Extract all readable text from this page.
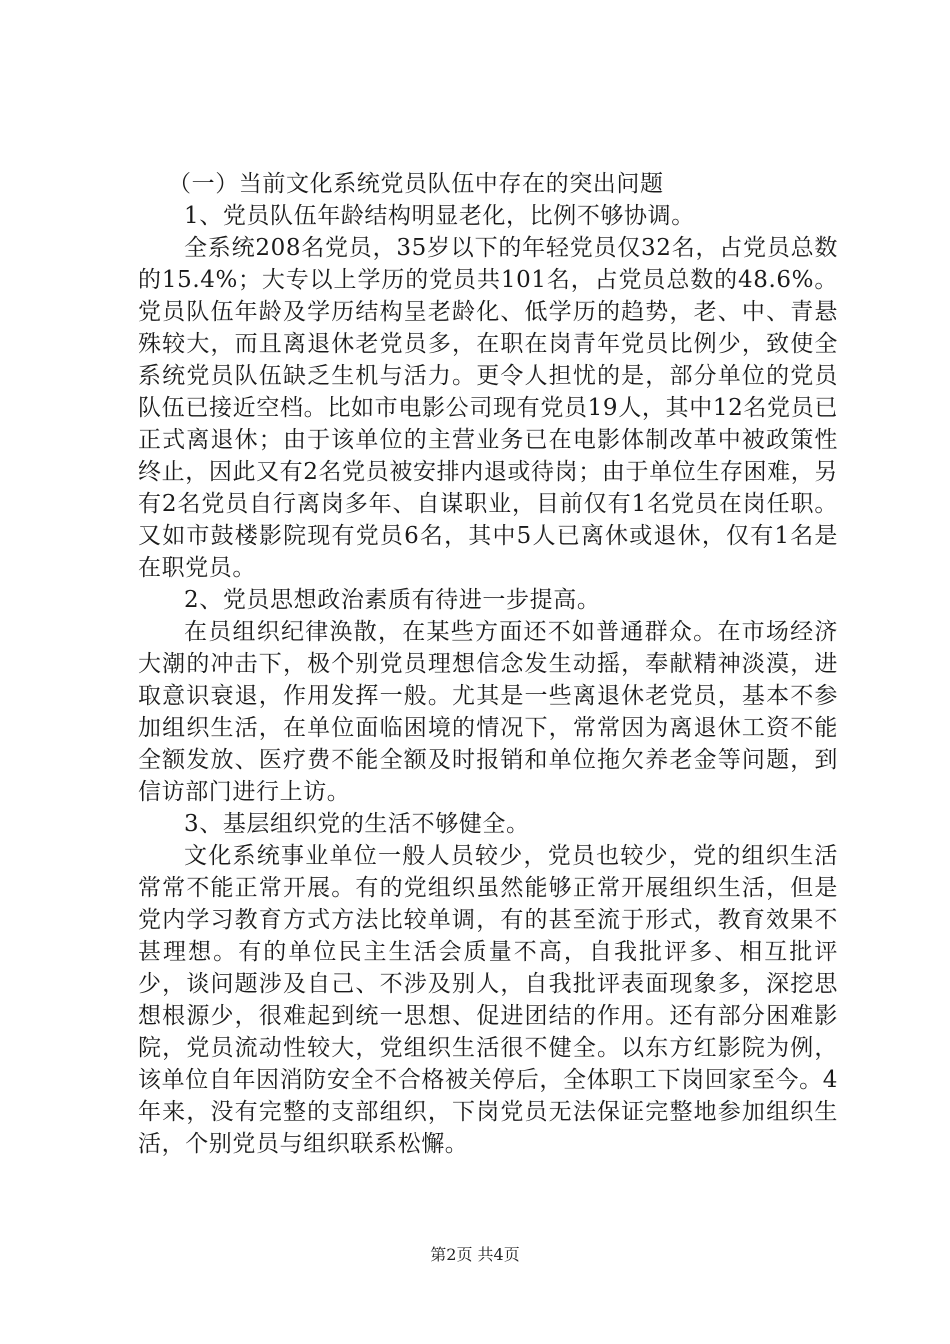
（一）当前文化系统党员队伍中存在的突出问题

1、党员队伍年龄结构明显老化，比例不够协调。

全系统208名党员，35岁以下的年轻党员仅32名，占党员总数的15.4%；大专以上学历的党员共101名，占党员总数的48.6%。党员队伍年龄及学历结构呈老龄化、低学历的趋势，老、中、青悬殊较大，而且离退休老党员多，在职在岗青年党员比例少，致使全系统党员队伍缺乏生机与活力。更令人担忧的是，部分单位的党员队伍已接近空档。比如市电影公司现有党员19人，其中12名党员已正式离退休；由于该单位的主营业务已在电影体制改革中被政策性终止，因此又有2名党员被安排内退或待岗；由于单位生存困难，另有2名党员自行离岗多年、自谋职业，目前仅有1名党员在岗任职。又如市鼓楼影院现有党员6名，其中5人已离休或退休，仅有1名是在职党员。

2、党员思想政治素质有待进一步提高。

在员组织纪律涣散，在某些方面还不如普通群众。在市场经济大潮的冲击下，极个别党员理想信念发生动摇，奉献精神淡漠，进取意识衰退，作用发挥一般。尤其是一些离退休老党员，基本不参加组织生活，在单位面临困境的情况下，常常因为离退休工资不能全额发放、医疗费不能全额及时报销和单位拖欠养老金等问题，到信访部门进行上访。

3、基层组织党的生活不够健全。

文化系统事业单位一般人员较少，党员也较少，党的组织生活常常不能正常开展。有的党组织虽然能够正常开展组织生活，但是党内学习教育方式方法比较单调，有的甚至流于形式，教育效果不甚理想。有的单位民主生活会质量不高，自我批评多、相互批评少，谈问题涉及自己、不涉及别人，自我批评表面现象多，深挖思想根源少，很难起到统一思想、促进团结的作用。还有部分困难影院，党员流动性较大，党组织生活很不健全。以东方红影院为例，该单位自年因消防安全不合格被关停后，全体职工下岗回家至今。4年来，没有完整的支部组织，下岗党员无法保证完整地参加组织生活，个别党员与组织联系松懈。

第2页 共4页
